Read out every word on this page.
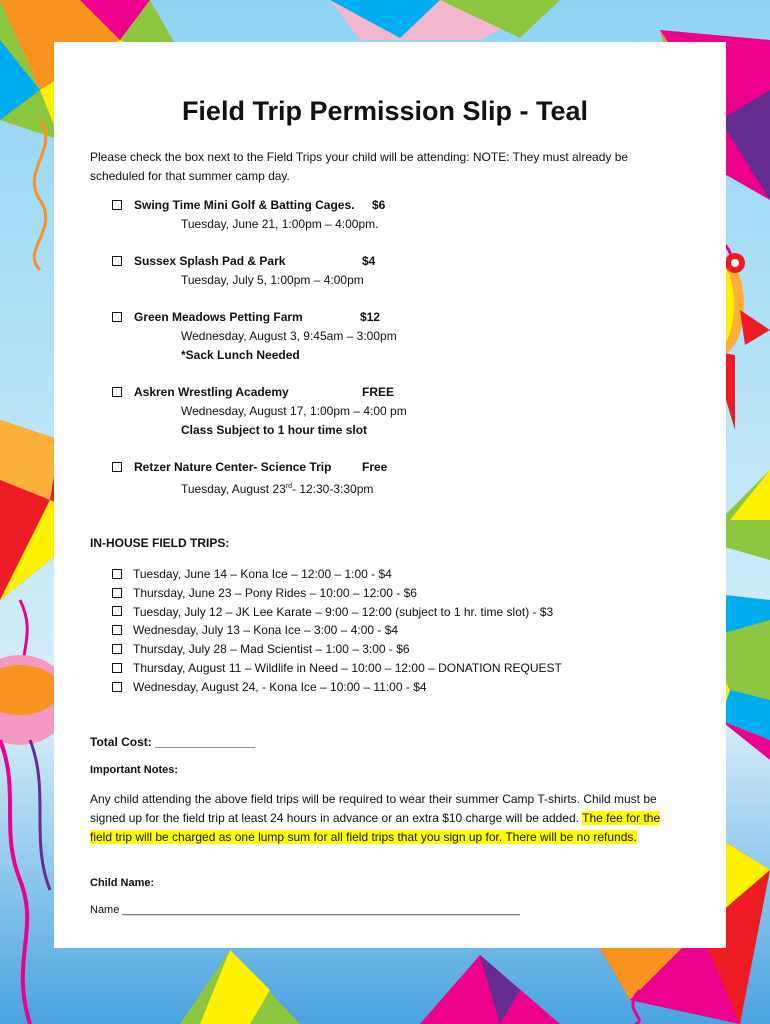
Field Trip Permission Slip - Teal
Please check the box next to the Field Trips your child will be attending: NOTE: They must already be scheduled for that summer camp day.
Swing Time Mini Golf & Batting Cages. $6
Tuesday, June 21, 1:00pm – 4:00pm.
Sussex Splash Pad & Park	$4
Tuesday, July 5, 1:00pm – 4:00pm
Green Meadows Petting Farm	$12
Wednesday, August 3, 9:45am – 3:00pm
*Sack Lunch Needed
Askren Wrestling Academy	FREE
Wednesday, August 17, 1:00pm – 4:00 pm
Class Subject to 1 hour time slot
Retzer Nature Center- Science Trip	Free
Tuesday, August 23rd- 12:30-3:30pm
IN-HOUSE FIELD TRIPS:
Tuesday, June 14 – Kona Ice – 12:00 – 1:00 - $4
Thursday, June 23 – Pony Rides – 10:00 – 12:00 - $6
Tuesday, July 12 – JK Lee Karate – 9:00 – 12:00 (subject to 1 hr. time slot) - $3
Wednesday, July 13 – Kona Ice – 3:00 – 4:00 - $4
Thursday, July 28 – Mad Scientist – 1:00 – 3:00 - $6
Thursday, August 11 – Wildlife in Need – 10:00 – 12:00 – DONATION REQUEST
Wednesday, August 24, - Kona Ice – 10:00 – 11:00 - $4
Total Cost: _______________
Important Notes:
Any child attending the above field trips will be required to wear their summer Camp T-shirts. Child must be signed up for the field trip at least 24 hours in advance or an extra $10 charge will be added. The fee for the field trip will be charged as one lump sum for all field trips that you sign up for. There will be no refunds.
Child Name:
Name _________________________________________________________________
